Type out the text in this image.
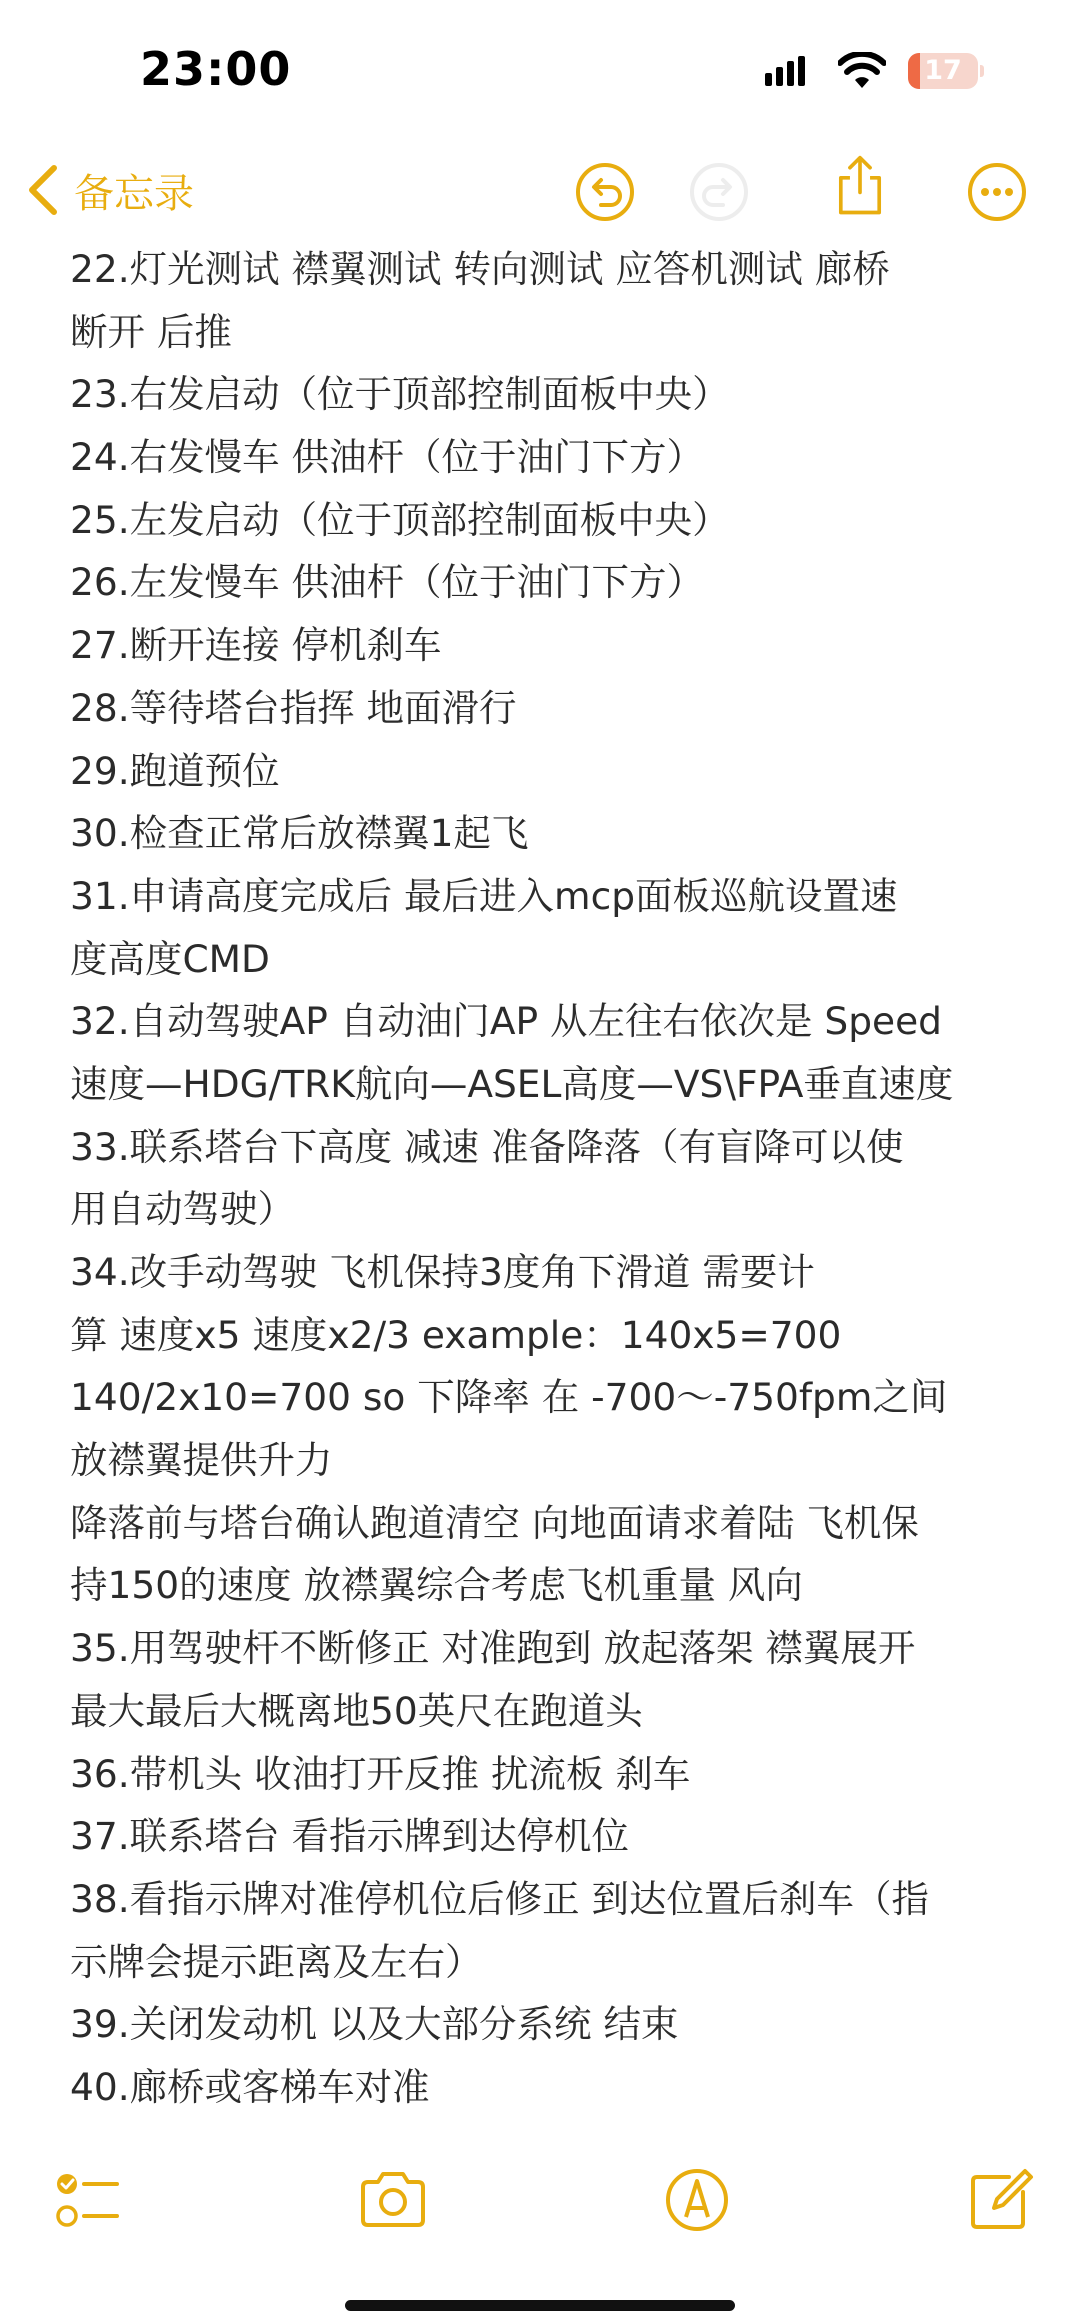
23:00	17
备忘录
22.灯光测试 襟翼测试 转向测试 应答机测试 廊桥
断开 后推
23.右发启动（位于顶部控制面板中央）
24.右发慢车 供油杆（位于油门下方）
25.左发启动（位于顶部控制面板中央）
26.左发慢车 供油杆（位于油门下方）
27.断开连接 停机刹车
28.等待塔台指挥 地面滑行
29.跑道预位
30.检查正常后放襟翼1起飞
31.申请高度完成后 最后进入mcp面板巡航设置速
度高度CMD
32.自动驾驶AP 自动油门AP 从左往右依次是 Speed
速度—HDG/TRK航向—ASEL高度—VS\FPA垂直速度
33.联系塔台下高度 减速 准备降落（有盲降可以使
用自动驾驶）
34.改手动驾驶 飞机保持3度角下滑道 需要计
算 速度x5 速度x2/3 example：140x5=700
140/2x10=700 so 下降率 在 -700～-750fpm之间
放襟翼提供升力
降落前与塔台确认跑道清空 向地面请求着陆 飞机保
持150的速度 放襟翼综合考虑飞机重量 风向
35.用驾驶杆不断修正 对准跑到 放起落架 襟翼展开
最大最后大概离地50英尺在跑道头
36.带机头 收油打开反推 扰流板 刹车
37.联系塔台 看指示牌到达停机位
38.看指示牌对准停机位后修正 到达位置后刹车（指
示牌会提示距离及左右）
39.关闭发动机 以及大部分系统 结束
40.廊桥或客梯车对准
